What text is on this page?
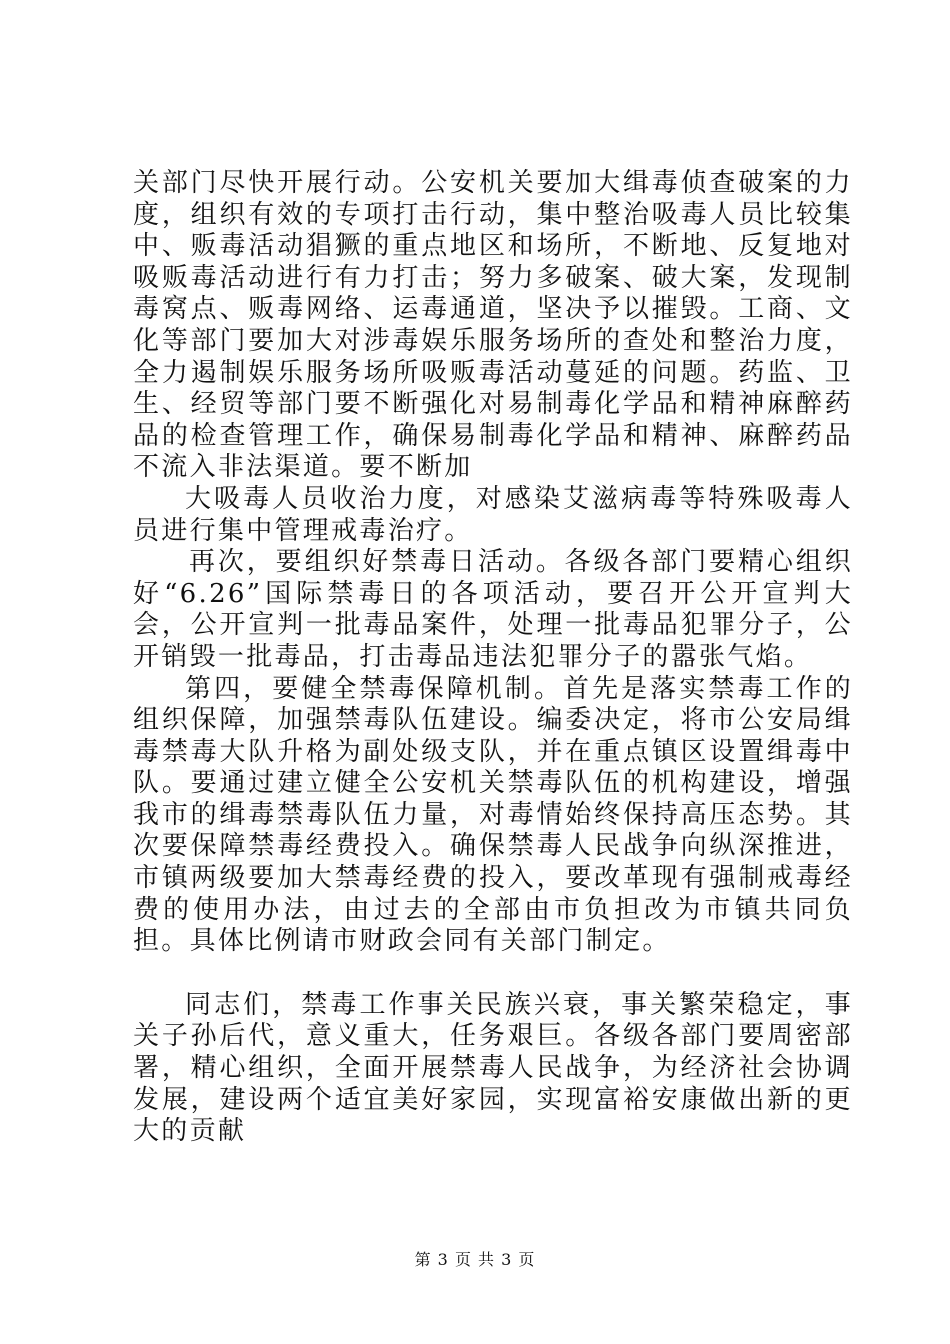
关部门尽快开展行动。公安机关要加大缉毒侦查破案的力度，组织有效的专项打击行动，集中整治吸毒人员比较集中、贩毒活动猖獗的重点地区和场所，不断地、反复地对吸贩毒活动进行有力打击；努力多破案、破大案，发现制毒窝点、贩毒网络、运毒通道，坚决予以摧毁。工商、文化等部门要加大对涉毒娱乐服务场所的查处和整治力度，全力遏制娱乐服务场所吸贩毒活动蔓延的问题。药监、卫生、经贸等部门要不断强化对易制毒化学品和精神麻醉药品的检查管理工作，确保易制毒化学品和精神、麻醉药品不流入非法渠道。要不断加

大吸毒人员收治力度，对感染艾滋病毒等特殊吸毒人员进行集中管理戒毒治疗。

再次，要组织好禁毒日活动。各级各部门要精心组织好“6.26”国际禁毒日的各项活动，要召开公开宣判大会，公开宣判一批毒品案件，处理一批毒品犯罪分子，公开销毁一批毒品，打击毒品违法犯罪分子的嚣张气焰。

第四，要健全禁毒保障机制。首先是落实禁毒工作的组织保障，加强禁毒队伍建设。编委决定，将市公安局缉毒禁毒大队升格为副处级支队，并在重点镇区设置缉毒中队。要通过建立健全公安机关禁毒队伍的机构建设，增强我市的缉毒禁毒队伍力量，对毒情始终保持高压态势。其次要保障禁毒经费投入。确保禁毒人民战争向纵深推进，市镇两级要加大禁毒经费的投入，要改革现有强制戒毒经费的使用办法，由过去的全部由市负担改为市镇共同负担。具体比例请市财政会同有关部门制定。

同志们，禁毒工作事关民族兴衰，事关繁荣稳定，事关子孙后代，意义重大，任务艰巨。各级各部门要周密部署，精心组织，全面开展禁毒人民战争，为经济社会协调发展，建设两个适宜美好家园，实现富裕安康做出新的更大的贡献

第 3 页 共 3 页
